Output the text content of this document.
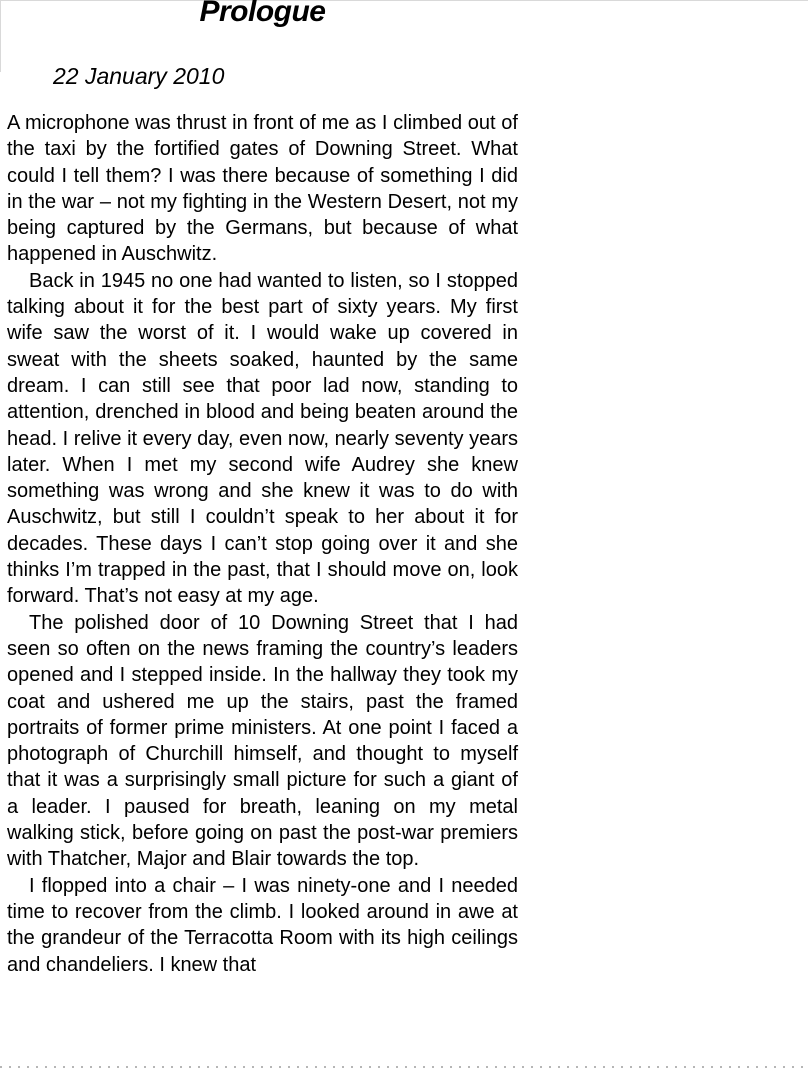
Prologue

22 January 2010

A microphone was thrust in front of me as I climbed out of the taxi by the fortified gates of Downing Street. What could I tell them? I was there because of something I did in the war – not my fighting in the Western Desert, not my being captured by the Germans, but because of what happened in Auschwitz.

Back in 1945 no one had wanted to listen, so I stopped talking about it for the best part of sixty years. My first wife saw the worst of it. I would wake up covered in sweat with the sheets soaked, haunted by the same dream. I can still see that poor lad now, standing to attention, drenched in blood and being beaten around the head. I relive it every day, even now, nearly seventy years later. When I met my second wife Audrey she knew something was wrong and she knew it was to do with Auschwitz, but still I couldn’t speak to her about it for decades. These days I can’t stop going over it and she thinks I’m trapped in the past, that I should move on, look forward. That’s not easy at my age.

The polished door of 10 Downing Street that I had seen so often on the news framing the country’s leaders opened and I stepped inside. In the hallway they took my coat and ushered me up the stairs, past the framed portraits of former prime ministers. At one point I faced a photograph of Churchill himself, and thought to myself that it was a surprisingly small picture for such a giant of a leader. I paused for breath, leaning on my metal walking stick, before going on past the post-war premiers with Thatcher, Major and Blair towards the top.

I flopped into a chair – I was ninety-one and I needed time to recover from the climb. I looked around in awe at the grandeur of the Terracotta Room with its high ceilings and chandeliers. I knew that
